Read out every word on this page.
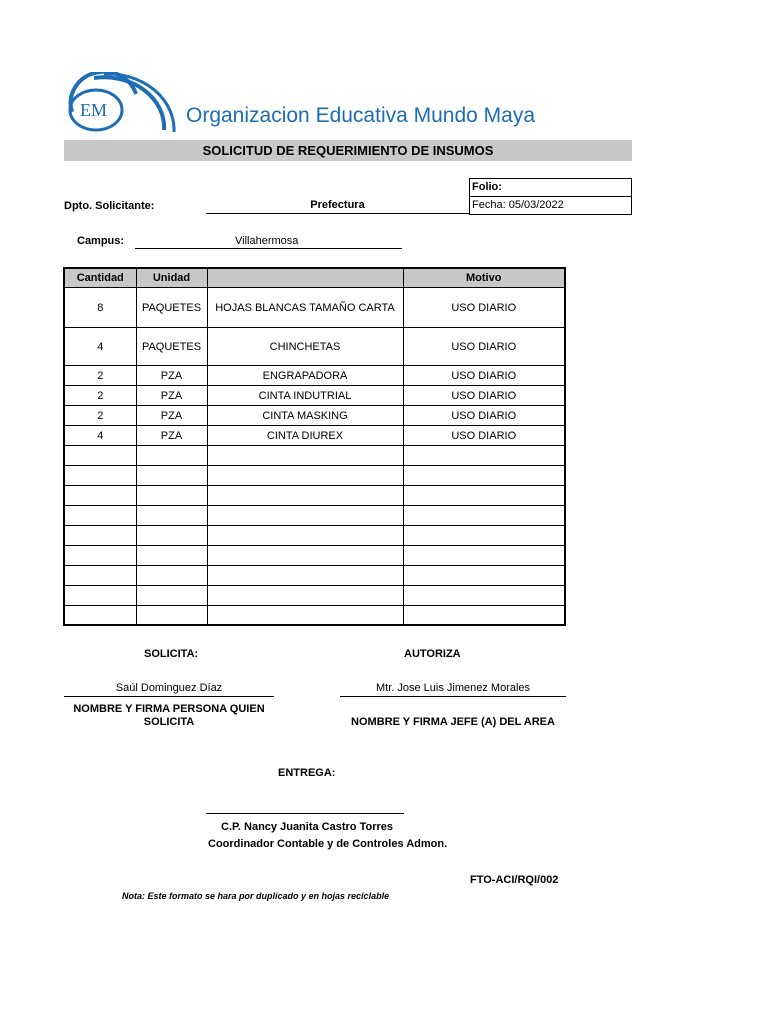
EM	Organizacion Educativa Mundo Maya
SOLICITUD DE REQUERIMIENTO DE INSUMOS
Folio:
Fecha: 05/03/2022
Dpto. Solicitante:	Prefectura
Campus:	Villahermosa
Cantidad	Unidad		Motivo
8	PAQUETES	HOJAS BLANCAS TAMAÑO CARTA	USO DIARIO
4	PAQUETES	CHINCHETAS	USO DIARIO
2	PZA	ENGRAPADORA	USO DIARIO
2	PZA	CINTA INDUTRIAL	USO DIARIO
2	PZA	CINTA MASKING	USO DIARIO
4	PZA	CINTA DIUREX	USO DIARIO

SOLICITA:	AUTORIZA
Saúl Dominguez Díaz	Mtr. Jose Luis Jimenez Morales
NOMBRE Y FIRMA PERSONA QUIEN
SOLICITA	NOMBRE Y FIRMA JEFE (A) DEL AREA
ENTREGA:
C.P. Nancy Juanita Castro Torres
Coordinador Contable y de Controles Admon.
FTO-ACI/RQI/002
Nota: Este formato se hara por duplicado y en hojas reciclable
